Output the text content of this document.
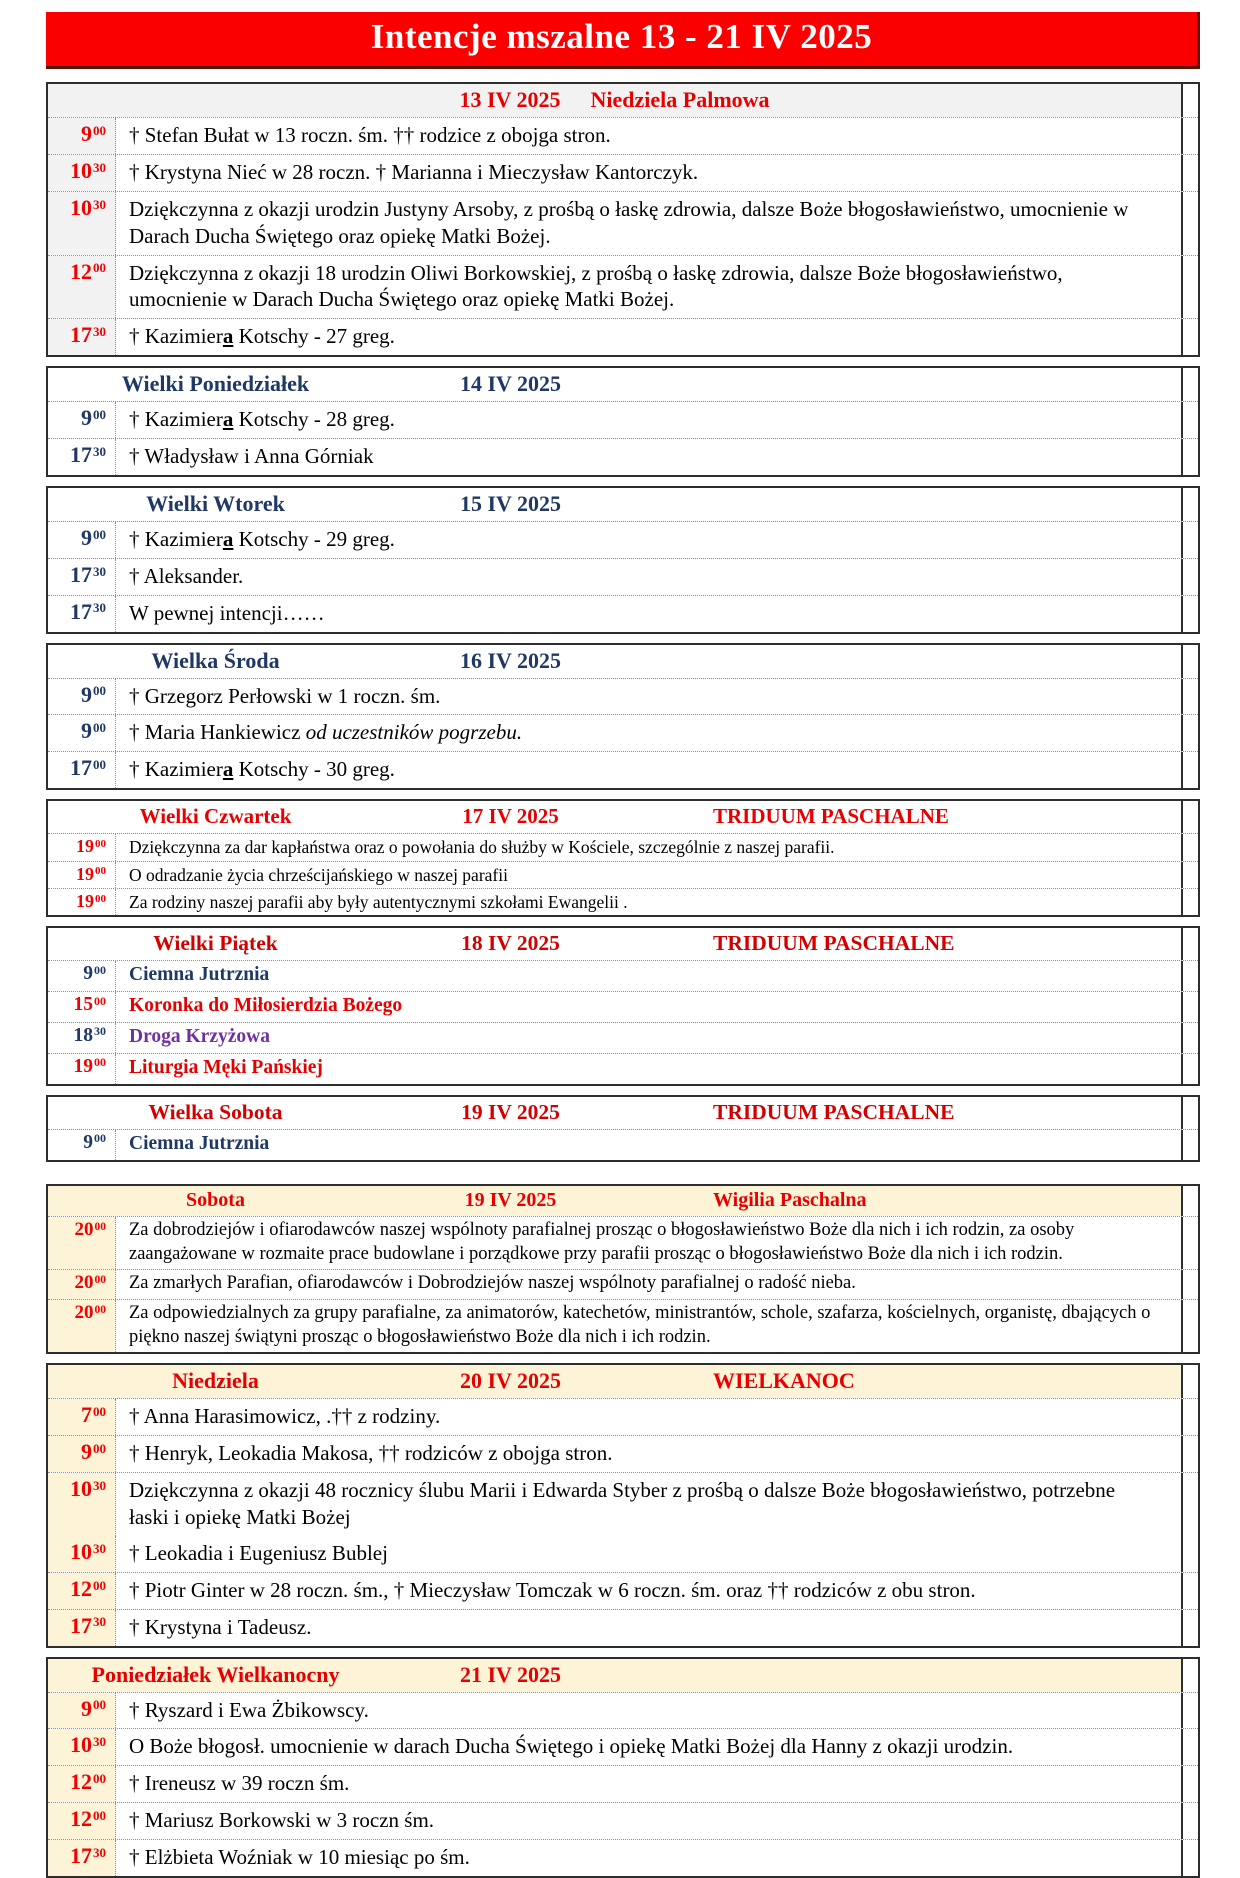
Intencje mszalne 13 - 21 IV 2025
13 IV 2025 Niedziela Palmowa
$9^{00}$	† Stefan Bułat w 13 roczn. śm. †† rodzice z obojga stron.
$10^{30}$	† Krystyna Nieć w 28 roczn. † Marianna i Mieczysław Kantorczyk.
$10^{30}$	Dziękczynna z okazji urodzin Justyny Arsoby, z prośbą o łaskę zdrowia, dalsze Boże błogosławieństwo, umocnienie w Darach Ducha Świętego oraz opiekę Matki Bożej.
$12^{00}$	Dziękczynna z okazji 18 urodzin Oliwi Borkowskiej, z prośbą o łaskę zdrowia, dalsze Boże błogosławieństwo, umocnienie w Darach Ducha Świętego oraz opiekę Matki Bożej.
$17^{30}$	† Kazimiera Kotschy - 27 greg.
Wielki Poniedziałek	14 IV 2025
$9^{00}$	† Kazimiera Kotschy - 28 greg.
$17^{30}$	† Władysław i Anna Górniak
Wielki Wtorek	15 IV 2025
$9^{00}$	† Kazimiera Kotschy - 29 greg.
$17^{30}$	† Aleksander.
$17^{30}$	W pewnej intencji……
Wielka Środa	16 IV 2025
$9^{00}$	† Grzegorz Perłowski w 1 roczn. śm.
$9^{00}$	† Maria Hankiewicz od uczestników pogrzebu.
$17^{00}$	† Kazimiera Kotschy - 30 greg.
Wielki Czwartek	17 IV 2025	TRIDUUM PASCHALNE
$19^{00}$	Dziękczynna za dar kapłaństwa oraz o powołania do służby w Kościele, szczególnie z naszej parafii.
$19^{00}$	O odradzanie życia chrześcijańskiego w naszej parafii
$19^{00}$	Za rodziny naszej parafii aby były autentycznymi szkołami Ewangelii .
Wielki Piątek	18 IV 2025	TRIDUUM PASCHALNE
$9^{00}$	Ciemna Jutrznia
$15^{00}$	Koronka do Miłosierdzia Bożego
$18^{30}$	Droga Krzyżowa
$19^{00}$	Liturgia Męki Pańskiej
Wielka Sobota	19 IV 2025	TRIDUUM PASCHALNE
$9^{00}$	Ciemna Jutrznia
Sobota	19 IV 2025	Wigilia Paschalna
$20^{00}$	Za dobrodziejów i ofiarodawców naszej wspólnoty parafialnej prosząc o błogosławieństwo Boże dla nich i ich rodzin, za osoby zaangażowane w rozmaite prace budowlane i porządkowe przy parafii prosząc o błogosławieństwo Boże dla nich i ich rodzin.
$20^{00}$	Za zmarłych Parafian, ofiarodawców i Dobrodziejów naszej wspólnoty parafialnej o radość nieba.
$20^{00}$	Za odpowiedzialnych za grupy parafialne, za animatorów, katechetów, ministrantów, schole, szafarza, kościelnych, organistę, dbających o piękno naszej świątyni prosząc o błogosławieństwo Boże dla nich i ich rodzin.
Niedziela	20 IV 2025	WIELKANOC
$7^{00}$	† Anna Harasimowicz, .†† z rodziny.
$9^{00}$	† Henryk, Leokadia Makosa, †† rodziców z obojga stron.
$10^{30}$	Dziękczynna z okazji 48 rocznicy ślubu Marii i Edwarda Styber z prośbą o dalsze Boże błogosławieństwo, potrzebne łaski i opiekę Matki Bożej
$10^{30}$	† Leokadia i Eugeniusz Bublej
$12^{00}$	† Piotr Ginter w 28 roczn. śm., † Mieczysław Tomczak w 6 roczn. śm. oraz †† rodziców z obu stron.
$17^{30}$	† Krystyna i Tadeusz.
Poniedziałek Wielkanocny	21 IV 2025
$9^{00}$	† Ryszard i Ewa Żbikowscy.
$10^{30}$	O Boże błogosł. umocnienie w darach Ducha Świętego i opiekę Matki Bożej dla Hanny z okazji urodzin.
$12^{00}$	† Ireneusz w 39 roczn śm.
$12^{00}$	† Mariusz Borkowski w 3 roczn śm.
$17^{30}$	† Elżbieta Woźniak w 10 miesiąc po śm.
